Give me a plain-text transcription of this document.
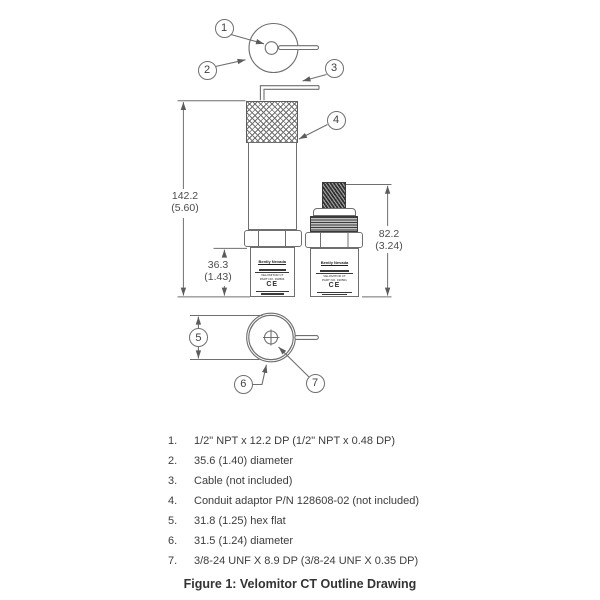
Bently Nevada
VELOMITOR CT
PART NO. 190501
CE
Bently Nevada
VELOMITOR CT
PART NO. 190501
CE
1
2	3
4
5
6	7
142.2
(5.60)
36.3
(1.43)
82.2
(3.24)
1.	1/2" NPT x 12.2 DP (1/2" NPT x 0.48 DP)
2.	35.6 (1.40) diameter
3.	Cable (not included)
4.	Conduit adaptor P/N 128608-02 (not included)
5.	31.8 (1.25) hex flat
6.	31.5 (1.24) diameter
7.	3/8-24 UNF X 8.9 DP (3/8-24 UNF X 0.35 DP)
Figure 1: Velomitor CT Outline Drawing
